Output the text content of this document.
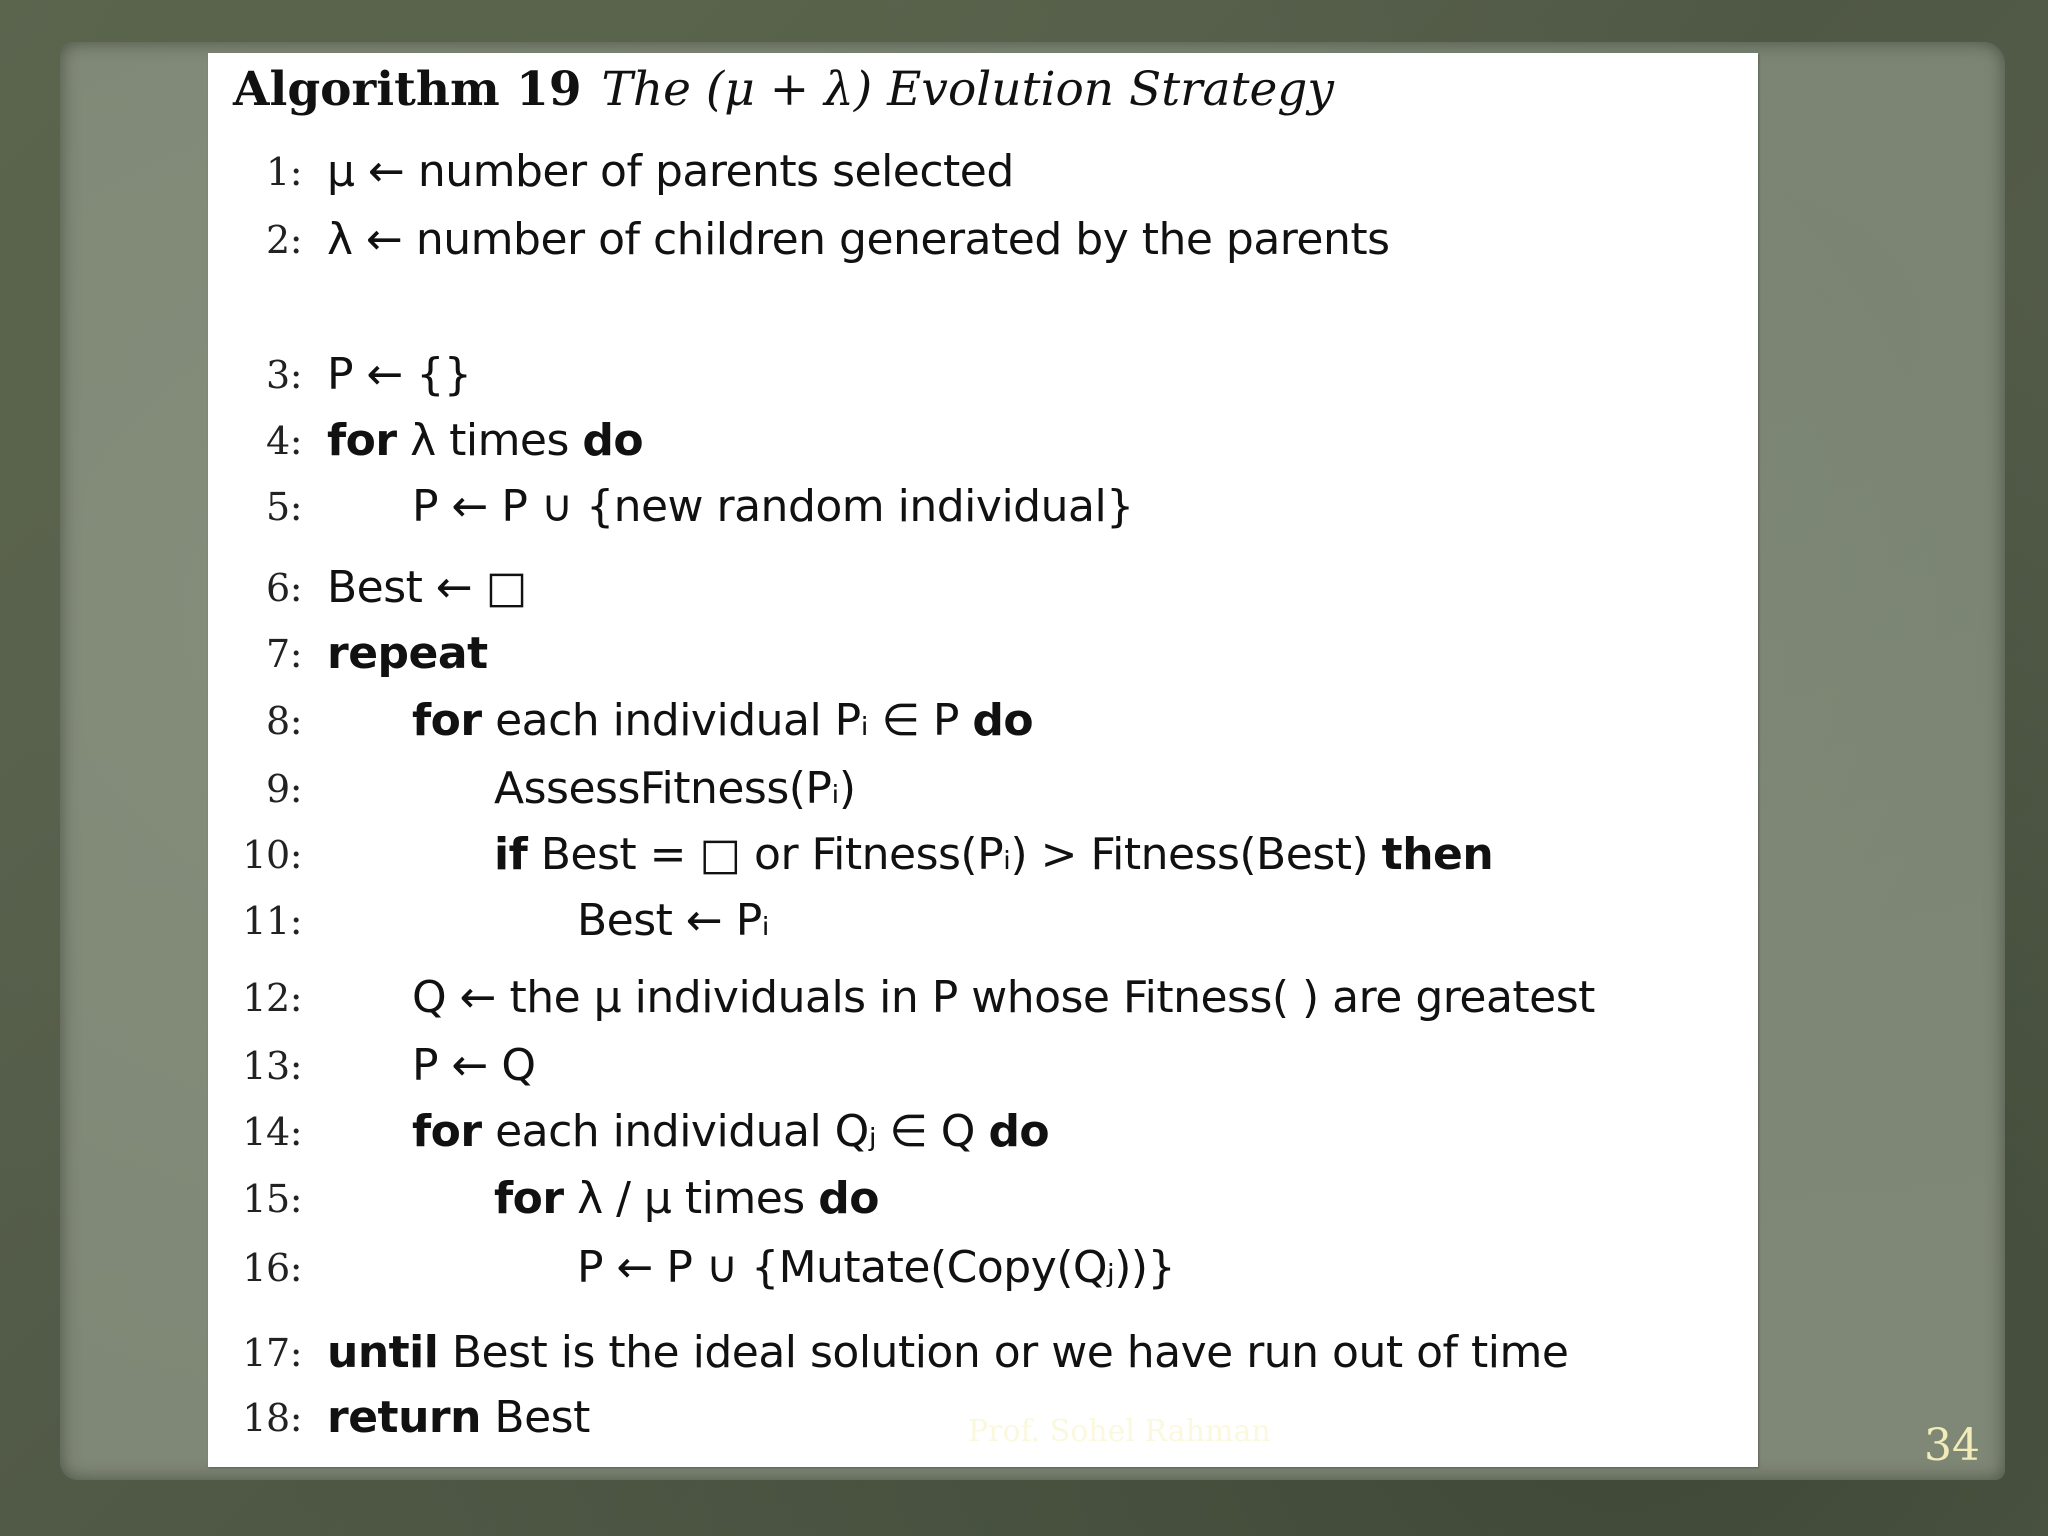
Algorithm 19 The (μ + λ) Evolution Strategy
1: μ ← number of parents selected
2: λ ← number of children generated by the parents
3: P ← {}
4: for λ times do
5:	P ← P ∪ {new random individual}
6: Best ← □
7: repeat
8:	for each individual Pᵢ ∈ P do
9:	AssessFitness(Pᵢ)
10:	if Best = □ or Fitness(Pᵢ) > Fitness(Best) then
11:	Best ← Pᵢ
12:	Q ← the μ individuals in P whose Fitness( ) are greatest
13:	P ← Q
14:	for each individual Qⱼ ∈ Q do
15:	for λ / μ times do
16:	P ← P ∪ {Mutate(Copy(Qⱼ))}
17: until Best is the ideal solution or we have run out of time
18: return Best	Prof. Sohel Rahman	34
